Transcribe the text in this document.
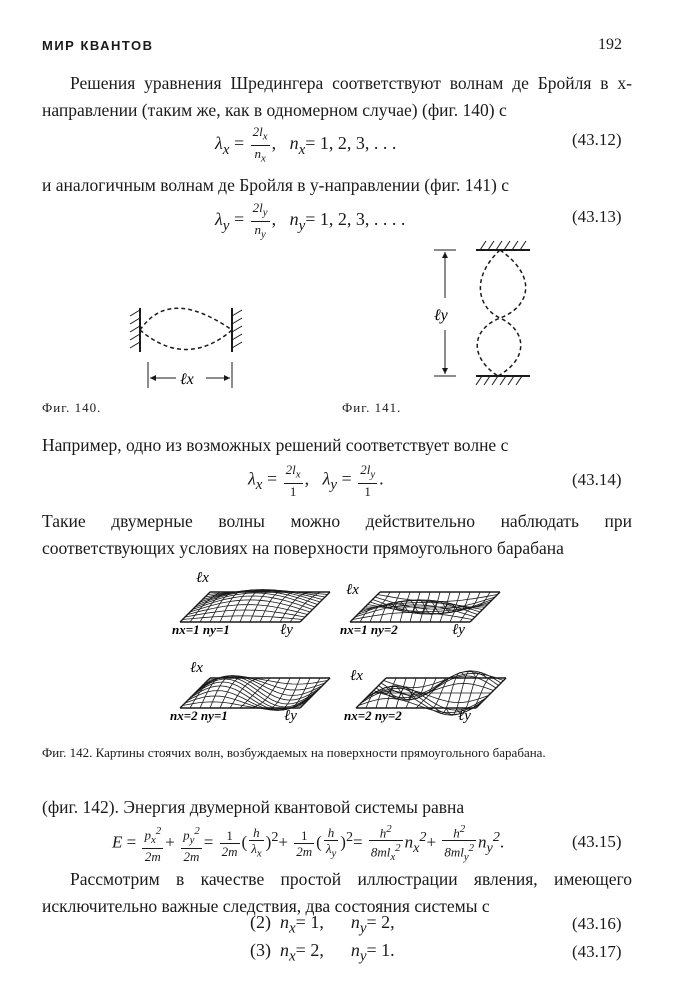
МИР КВАНТОВ	192
Решения уравнения Шредингера соответствуют волнам де Бройля в x-направлении (таким же, как в одномерном случае) (фиг. 140) с
$\lambda_x = \frac{2l_x}{n_x}$ , $n_x= 1$, 2, 3, . . .	(43.12)
и аналогичным волнам де Бройля в y-направлении (фиг. 141) с
$\lambda_y = \frac{2l_y}{n_y}$ , $n_y= 1$, 2, 3, . . . .	(43.13)
ℓx
Фиг. 140.
ℓy
Фиг. 141.
Например, одно из возможных решений соответствует волне с
$\lambda_x = \frac{2l_x}{1}$ ,   $\lambda_y = \frac{2l_y}{1}$ .	(43.14)
Такие двумерные волны можно действительно наблюдать при соответствующих условиях на поверхности прямоугольного барабана
ℓx
ℓy
nx=1 ny=1
ℓx
ℓy
nx=1 ny=2
ℓx
ℓy
nx=2 ny=1
ℓx
ℓy
nx=2 ny=2
Фиг. 142. Картины стоячих волн, возбуждаемых на поверхности прямоугольного барабана.
(фиг. 142). Энергия двумерной квантовой системы равна
$E = \frac{p_x^2}{2m} + \frac{p_y^2}{2m} = \frac{1}{2m}$ ( $\frac{h}{\lambda_x} )^2+ \frac{1}{2m}$ ( $\frac{h}{\lambda_y} )^2= \frac{h^2}{8ml_x^2} n_x^2+ \frac{h^2}{8ml_y^2} n_y^2$.	(43.15)
Рассмотрим в качестве простой иллюстрации явления, имеющего исключительно важные следствия, два состояния системы с
(2)  $n_x= 1$,      $n_y= 2$,	(43.16)
(3)  $n_x= 2$,      $n_y= 1$.	(43.17)
